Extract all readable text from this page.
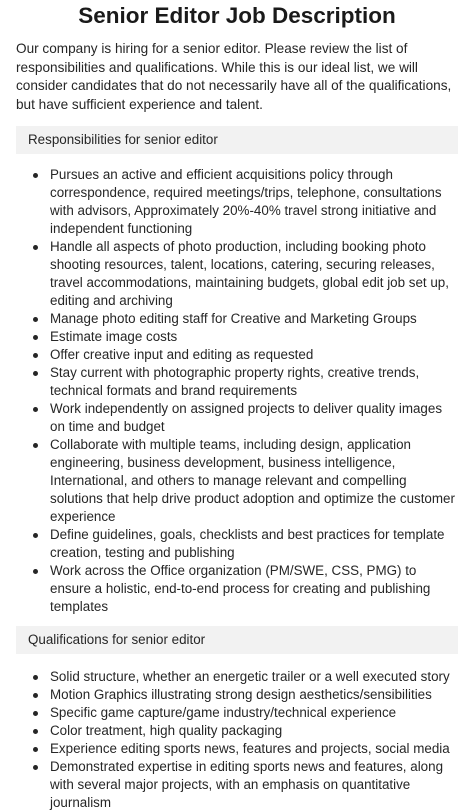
Senior Editor Job Description

Our company is hiring for a senior editor. Please review the list of responsibilities and qualifications. While this is our ideal list, we will consider candidates that do not necessarily have all of the qualifications, but have sufficient experience and talent.

Responsibilities for senior editor
Pursues an active and efficient acquisitions policy through correspondence, required meetings/trips, telephone, consultations with advisors, Approximately 20%-40% travel strong initiative and independent functioning
Handle all aspects of photo production, including booking photo shooting resources, talent, locations, catering, securing releases, travel accommodations, maintaining budgets, global edit job set up, editing and archiving
Manage photo editing staff for Creative and Marketing Groups
Estimate image costs
Offer creative input and editing as requested
Stay current with photographic property rights, creative trends, technical formats and brand requirements
Work independently on assigned projects to deliver quality images on time and budget
Collaborate with multiple teams, including design, application engineering, business development, business intelligence, International, and others to manage relevant and compelling solutions that help drive product adoption and optimize the customer experience
Define guidelines, goals, checklists and best practices for template creation, testing and publishing
Work across the Office organization (PM/SWE, CSS, PMG) to ensure a holistic, end-to-end process for creating and publishing templates
Qualifications for senior editor
Solid structure, whether an energetic trailer or a well executed story
Motion Graphics illustrating strong design aesthetics/sensibilities
Specific game capture/game industry/technical experience
Color treatment, high quality packaging
Experience editing sports news, features and projects, social media
Demonstrated expertise in editing sports news and features, along with several major projects, with an emphasis on quantitative journalism
